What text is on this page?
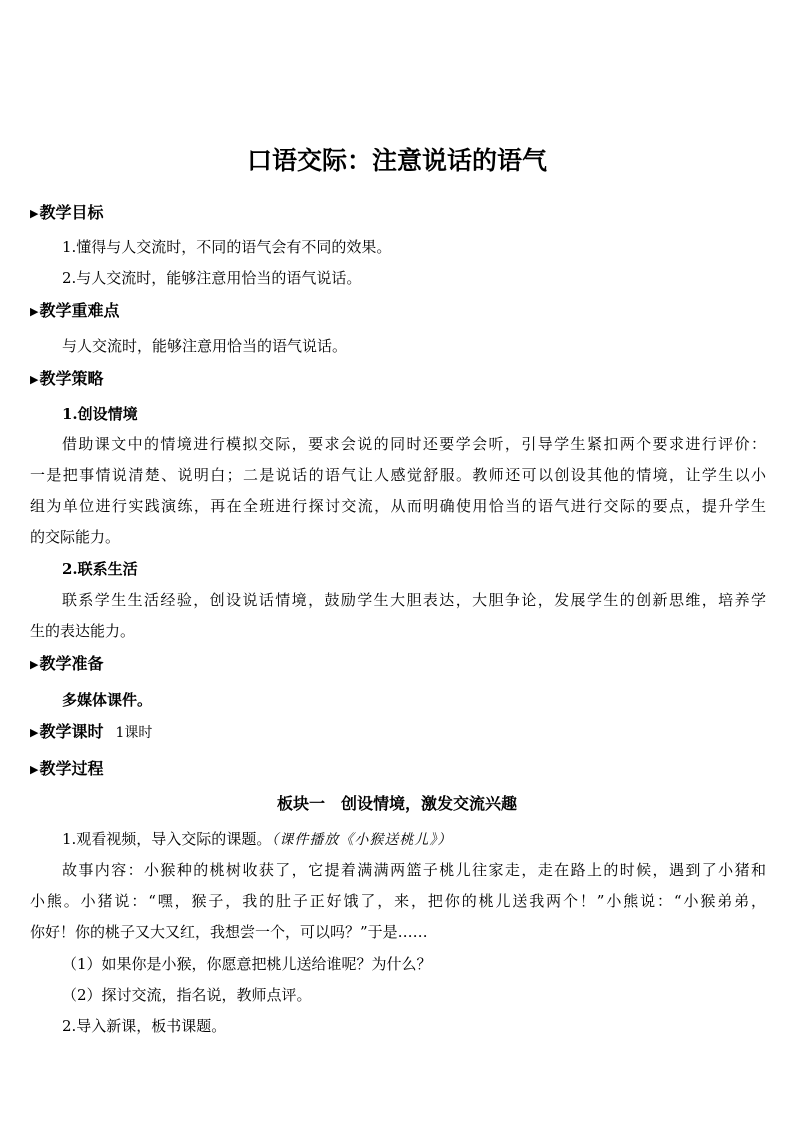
口语交际：注意说话的语气
▶教学目标
1.懂得与人交流时，不同的语气会有不同的效果。
2.与人交流时，能够注意用恰当的语气说话。
▶教学重难点
与人交流时，能够注意用恰当的语气说话。
▶教学策略
1.创设情境
借助课文中的情境进行模拟交际，要求会说的同时还要学会听，引导学生紧扣两个要求进行评价：
一是把事情说清楚、说明白；二是说话的语气让人感觉舒服。教师还可以创设其他的情境，让学生以小
组为单位进行实践演练，再在全班进行探讨交流，从而明确使用恰当的语气进行交际的要点，提升学生
的交际能力。
2.联系生活
联系学生生活经验，创设说话情境，鼓励学生大胆表达，大胆争论，发展学生的创新思维，培养学
生的表达能力。
▶教学准备
多媒体课件。
▶教学课时 1课时
▶教学过程
板块一　创设情境，激发交流兴趣
1.观看视频，导入交际的课题。（课件播放《小猴送桃儿》）
故事内容：小猴种的桃树收获了，它提着满满两篮子桃儿往家走，走在路上的时候，遇到了小猪和
小熊。小猪说：“嘿，猴子，我的肚子正好饿了，来，把你的桃儿送我两个！”小熊说：“小猴弟弟，
你好！你的桃子又大又红，我想尝一个，可以吗？”于是……
（1）如果你是小猴，你愿意把桃儿送给谁呢？为什么？
（2）探讨交流，指名说，教师点评。
2.导入新课，板书课题。
